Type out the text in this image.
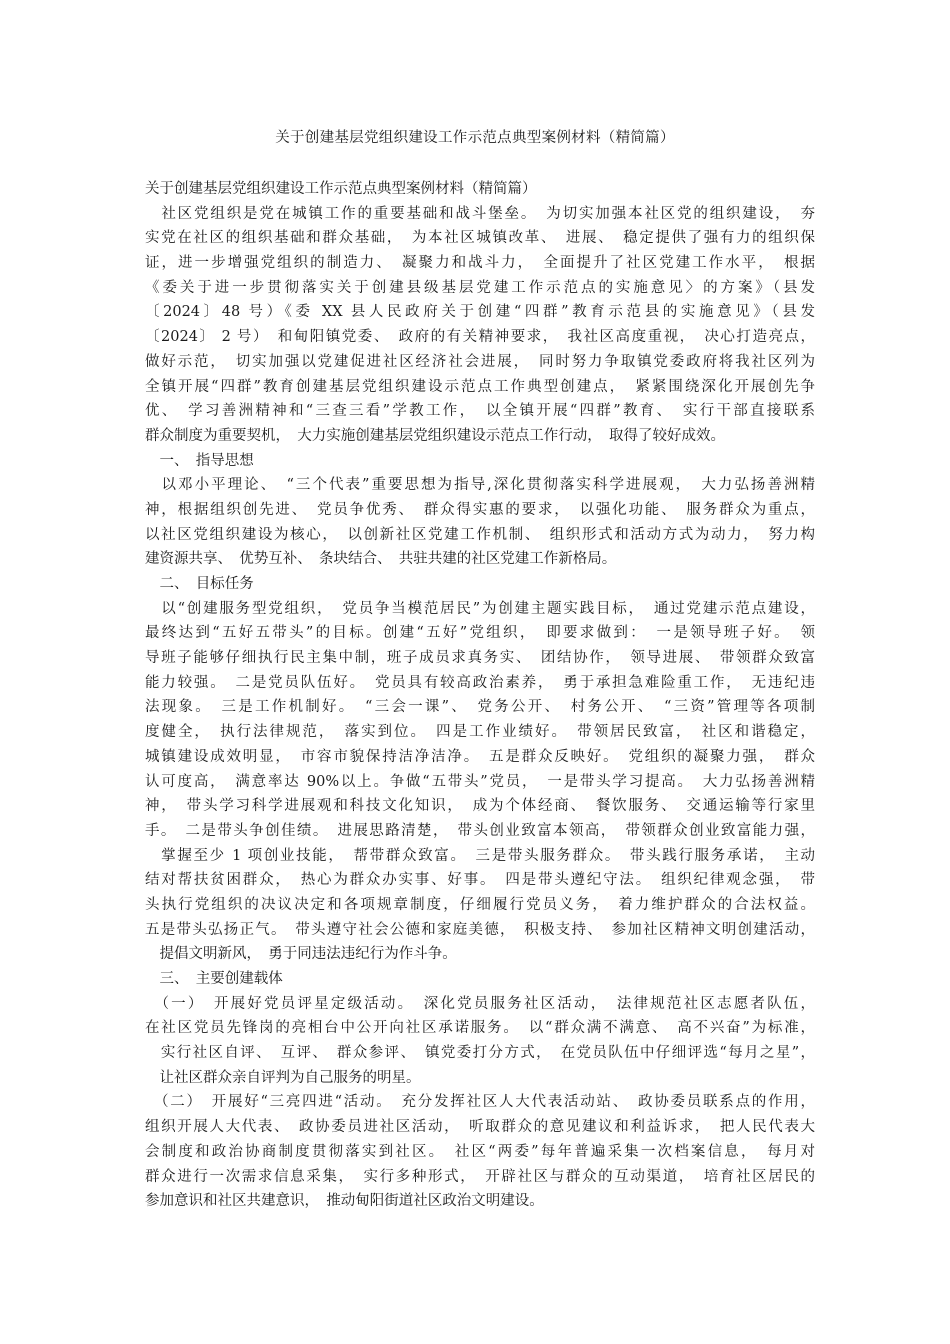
关于创建基层党组织建设工作示范点典型案例材料（精简篇）
关于创建基层党组织建设工作示范点典型案例材料（精简篇）
　社区党组织是党在城镇工作的重要基础和战斗堡垒。　为切实加强本社区党的组织建设，　夯
实党在社区的组织基础和群众基础，　为本社区城镇改革、　进展、　稳定提供了强有力的组织保
证，进一步增强党组织的制造力、　凝聚力和战斗力，　全面提升了社区党建工作水平，　根据
《委关于进一步贯彻落实关于创建县级基层党建工作示范点的实施意见〉的方案》（县发
〔2024〕48 号）《委 XX 县人民政府关于创建“四群”教育示范县的实施意见》（县发
〔2024〕 2 号）　和甸阳镇党委、　政府的有关精神要求，　我社区高度重视，　决心打造亮点，
做好示范，　切实加强以党建促进社区经济社会进展，　同时努力争取镇党委政府将我社区列为
全镇开展“四群”教育创建基层党组织建设示范点工作典型创建点，　紧紧围绕深化开展创先争
优、　学习善洲精神和“三查三看”学教工作，　以全镇开展“四群”教育、　实行干部直接联系
群众制度为重要契机，　大力实施创建基层党组织建设示范点工作行动，　取得了较好成效。
　一、　指导思想
　以邓小平理论、　“三个代表”重要思想为指导,深化贯彻落实科学进展观，　大力弘扬善洲精
神，根据组织创先进、　党员争优秀、　群众得实惠的要求，　以强化功能、　服务群众为重点，
以社区党组织建设为核心，　以创新社区党建工作机制、　组织形式和活动方式为动力，　努力构
建资源共享、　优势互补、　条块结合、　共驻共建的社区党建工作新格局。
　二、　目标任务
　以“创建服务型党组织，　党员争当模范居民”为创建主题实践目标，　通过党建示范点建设，
最终达到“五好五带头”的目标。创建“五好”党组织，　即要求做到：　一是领导班子好。　领
导班子能够仔细执行民主集中制，班子成员求真务实、　团结协作，　领导进展、　带领群众致富
能力较强。　二是党员队伍好。　党员具有较高政治素养，　勇于承担急难险重工作，　无违纪违
法现象。　三是工作机制好。　“三会一课”、　党务公开、　村务公开、　“三资”管理等各项制
度健全，　执行法律规范，　落实到位。　四是工作业绩好。　带领居民致富，　社区和谐稳定，
城镇建设成效明显，　市容市貌保持洁净洁净。　五是群众反映好。　党组织的凝聚力强，　群众
认可度高，　满意率达 90%以上。争做“五带头”党员，　一是带头学习提高。　大力弘扬善洲精
神，　带头学习科学进展观和科技文化知识，　成为个体经商、　餐饮服务、　交通运输等行家里
手。　二是带头争创佳绩。　进展思路清楚，　带头创业致富本领高，　带领群众创业致富能力强，
　掌握至少 1 项创业技能，　帮带群众致富。　三是带头服务群众。　带头践行服务承诺，　主动
结对帮扶贫困群众，　热心为群众办实事、好事。　四是带头遵纪守法。　组织纪律观念强，　带
头执行党组织的决议决定和各项规章制度，仔细履行党员义务，　着力维护群众的合法权益。
五是带头弘扬正气。　带头遵守社会公德和家庭美德，　积极支持、　参加社区精神文明创建活动，
　提倡文明新风，　勇于同违法违纪行为作斗争。
　三、　主要创建载体
　（一）　开展好党员评星定级活动。　深化党员服务社区活动，　法律规范社区志愿者队伍，
在社区党员先锋岗的亮相台中公开向社区承诺服务。　以“群众满不满意、　高不兴奋”为标准，
　实行社区自评、　互评、　群众参评、　镇党委打分方式，　在党员队伍中仔细评选“每月之星”，
　让社区群众亲自评判为自己服务的明星。
　（二）　开展好“三亮四进“活动。　充分发挥社区人大代表活动站、　政协委员联系点的作用，
组织开展人大代表、　政协委员进社区活动，　听取群众的意见建议和利益诉求，　把人民代表大
会制度和政治协商制度贯彻落实到社区。　社区“两委”每年普遍采集一次档案信息，　每月对
群众进行一次需求信息采集，　实行多种形式，　开辟社区与群众的互动渠道，　培育社区居民的
参加意识和社区共建意识，　推动甸阳街道社区政治文明建设。
